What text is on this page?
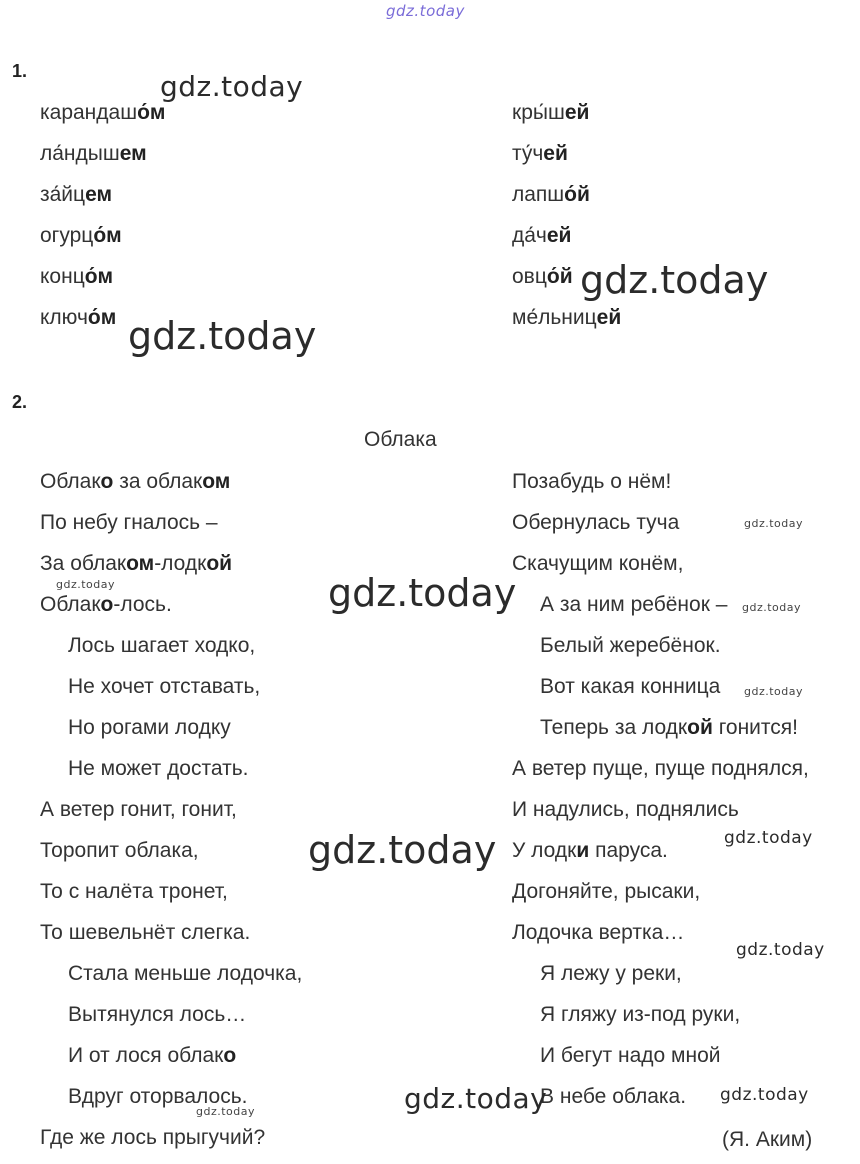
gdz.today
1.
карандашо́м
ла́ндышем
за́йцем
огурцо́м
концо́м
ключо́м
кры́шей
ту́чей
лапшо́й
да́чей
овцо́й
ме́льницей
2.
Облака
Облако за облаком
По небу гналось –
За облаком-лодкой
Облако-лось.
Лось шагает ходко,
Не хочет отставать,
Но рогами лодку
Не может достать.
А ветер гонит, гонит,
Торопит облака,
То с налёта тронет,
То шевельнёт слегка.
Стала меньше лодочка,
Вытянулся лось…
И от лося облако
Вдруг оторвалось.
Где же лось прыгучий?
Позабудь о нём!
Обернулась туча
Скачущим конём,
А за ним ребёнок –
Белый жеребёнок.
Вот какая конница
Теперь за лодкой гонится!
А ветер пуще, пуще поднялся,
И надулись, поднялись
У лодки паруса.
Догоняйте, рысаки,
Лодочка вертка…
Я лежу у реки,
Я гляжу из-под руки,
И бегут надо мной
В небе облака.
(Я. Аким)
gdz.today
gdz.today
gdz.today
gdz.today
gdz.today	gdz.today	gdz.today
gdz.today
gdz.today
gdz.today
gdz.today
gdz.today	gdz.today
gdz.today
